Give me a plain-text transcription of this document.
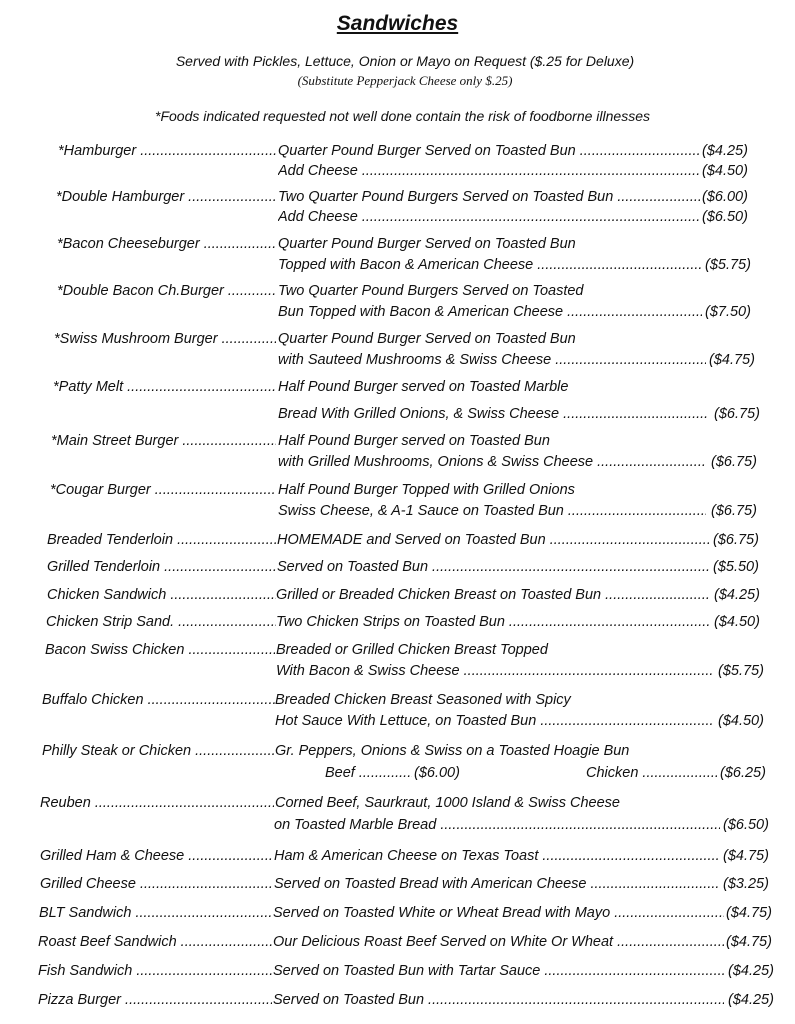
Sandwiches
Served with Pickles, Lettuce, Onion or Mayo on Request ($.25 for Deluxe)
(Substitute Pepperjack Cheese only $.25)
*Foods indicated requested not well done contain the risk of foodborne illnesses
*Hamburger .....	Quarter Pound Burger Served on Toasted Bun .....	($4.25)
Add Cheese .....	($4.50)
*Double Hamburger .....	Two Quarter Pound Burgers Served on Toasted Bun .....	($6.00)
Add Cheese .....	($6.50)
*Bacon Cheeseburger .....	Quarter Pound Burger Served on Toasted Bun
Topped with Bacon & American Cheese .....	($5.75)
*Double Bacon Ch.Burger .....	Two Quarter Pound Burgers Served on Toasted
Bun Topped with Bacon & American Cheese .....	($7.50)
*Swiss Mushroom Burger .....	Quarter Pound Burger Served on Toasted Bun
with Sauteed Mushrooms & Swiss Cheese .....	($4.75)
*Patty Melt .....	Half Pound Burger served on Toasted Marble
Bread With Grilled Onions, & Swiss Cheese .....	($6.75)
*Main Street Burger .....	Half Pound Burger served on Toasted Bun
with Grilled Mushrooms, Onions & Swiss Cheese .....	($6.75)
*Cougar Burger .....	Half Pound Burger Topped with Grilled Onions
Swiss Cheese, & A-1 Sauce on Toasted Bun .....	($6.75)
Breaded Tenderloin .....	HOMEMADE and Served on Toasted Bun .....	($6.75)
Grilled Tenderloin .....	Served on Toasted Bun .....	($5.50)
Chicken Sandwich .....	Grilled or Breaded Chicken Breast on Toasted Bun .....	($4.25)
Chicken Strip Sand. .....	Two Chicken Strips on Toasted Bun .....	($4.50)
Bacon Swiss Chicken .....	Breaded or Grilled Chicken Breast Topped
With Bacon & Swiss Cheese .....	($5.75)
Buffalo Chicken .....	Breaded Chicken Breast Seasoned with Spicy
Hot Sauce With Lettuce, on Toasted Bun .....	($4.50)
Philly Steak or Chicken .....	Gr. Peppers, Onions & Swiss on a Toasted Hoagie Bun
Beef .....	($6.00)	Chicken .....	($6.25)
Reuben .....	Corned Beef, Saurkraut, 1000 Island & Swiss Cheese
on Toasted Marble Bread .....	($6.50)
Grilled Ham & Cheese .....	Ham & American Cheese on Texas Toast .....	($4.75)
Grilled Cheese .....	Served on Toasted Bread with American Cheese .....	($3.25)
BLT Sandwich .....	Served on Toasted White or Wheat Bread with Mayo .....	($4.75)
Roast Beef Sandwich .....	Our Delicious Roast Beef Served on White Or Wheat .....	($4.75)
Fish Sandwich .....	Served on Toasted Bun with Tartar Sauce .....	($4.25)
Pizza Burger .....	Served on Toasted Bun .....	($4.25)
